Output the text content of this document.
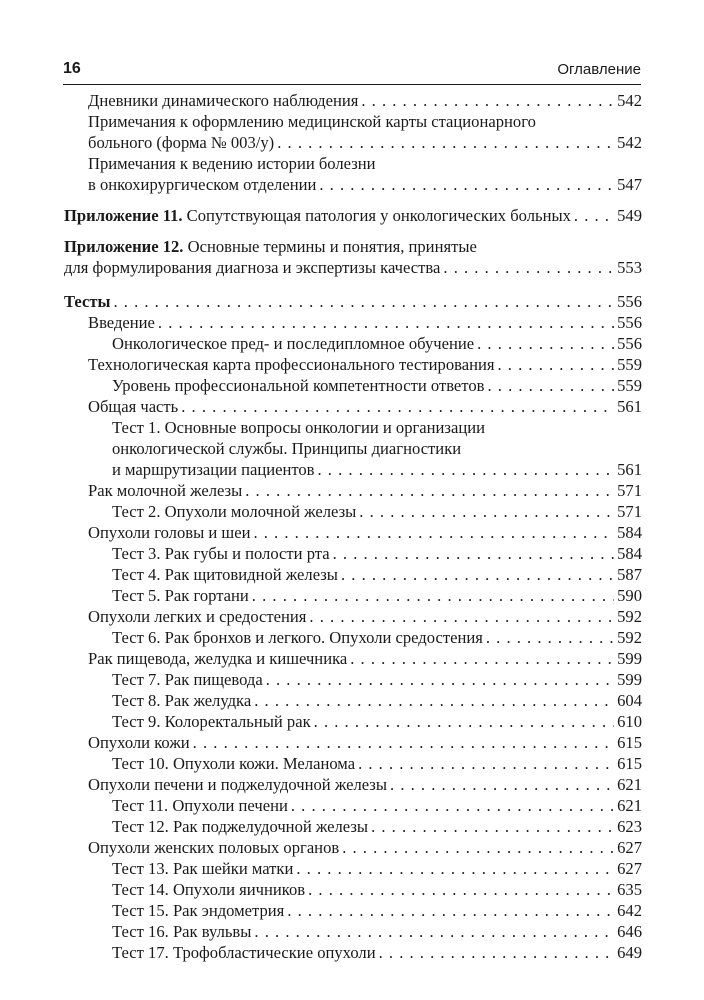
16	Оглавление
Дневники динамического наблюдения . . .	542
Примечания к оформлению медицинской карты стационарного
больного (форма № 003/у) . . .	542
Примечания к ведению истории болезни
в онкохирургическом отделении . . .	547
Приложение 11. Сопутствующая патология у онкологических больных . . .	549
Приложение 12. Основные термины и понятия, принятые
для формулирования диагноза и экспертизы качества . . .	553
Тесты . . .	556
Введение . . .	556
Онкологическое пред- и последипломное обучение . . .	556
Технологическая карта профессионального тестирования . . .	559
Уровень профессиональной компетентности ответов . . .	559
Общая часть . . .	561
Тест 1. Основные вопросы онкологии и организации
онкологической службы. Принципы диагностики
и маршрутизации пациентов . . .	561
Рак молочной железы . . .	571
Тест 2. Опухоли молочной железы . . .	571
Опухоли головы и шеи . . .	584
Тест 3. Рак губы и полости рта . . .	584
Тест 4. Рак щитовидной железы . . .	587
Тест 5. Рак гортани . . .	590
Опухоли легких и средостения . . .	592
Тест 6. Рак бронхов и легкого. Опухоли средостения . . .	592
Рак пищевода, желудка и кишечника . . .	599
Тест 7. Рак пищевода . . .	599
Тест 8. Рак желудка . . .	604
Тест 9. Колоректальный рак . . .	610
Опухоли кожи . . .	615
Тест 10. Опухоли кожи. Меланома . . .	615
Опухоли печени и поджелудочной железы . . .	621
Тест 11. Опухоли печени . . .	621
Тест 12. Рак поджелудочной железы . . .	623
Опухоли женских половых органов . . .	627
Тест 13. Рак шейки матки . . .	627
Тест 14. Опухоли яичников . . .	635
Тест 15. Рак эндометрия . . .	642
Тест 16. Рак вульвы . . .	646
Тест 17. Трофобластические опухоли . . .	649
